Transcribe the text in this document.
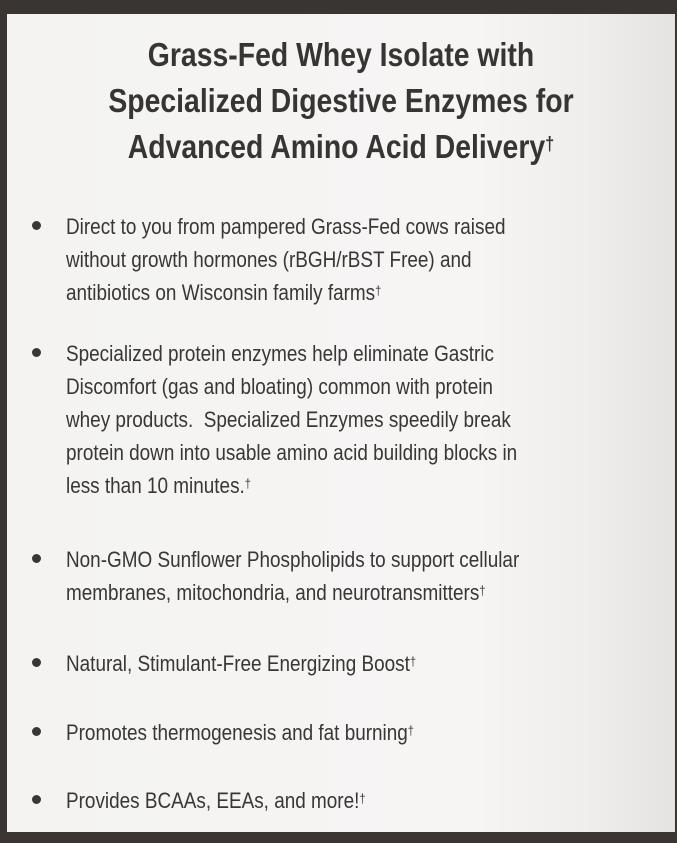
Grass-Fed Whey Isolate with
Specialized Digestive Enzymes for
Advanced Amino Acid Delivery†
Direct to you from pampered Grass-Fed cows raised
without growth hormones (rBGH/rBST Free) and
antibiotics on Wisconsin family farms†
Specialized protein enzymes help eliminate Gastric
Discomfort (gas and bloating) common with protein
whey products.  Specialized Enzymes speedily break
protein down into usable amino acid building blocks in
less than 10 minutes.†
Non-GMO Sunflower Phospholipids to support cellular
membranes, mitochondria, and neurotransmitters†
Natural, Stimulant-Free Energizing Boost†
Promotes thermogenesis and fat burning†
Provides BCAAs, EEAs, and more!†
